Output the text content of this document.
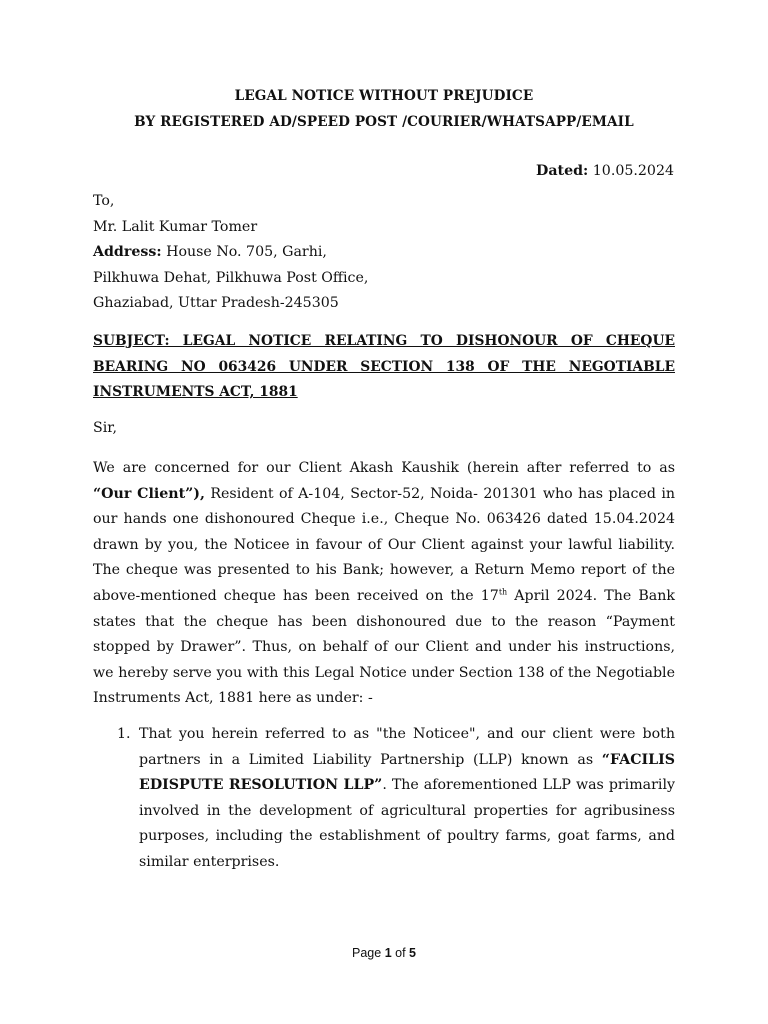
LEGAL NOTICE WITHOUT PREJUDICE
BY REGISTERED AD/SPEED POST /COURIER/WHATSAPP/EMAIL
Dated: 10.05.2024
To,
Mr. Lalit Kumar Tomer
Address: House No. 705, Garhi,
Pilkhuwa Dehat, Pilkhuwa Post Office,
Ghaziabad, Uttar Pradesh-245305
SUBJECT: LEGAL NOTICE RELATING TO DISHONOUR OF CHEQUE BEARING NO 063426 UNDER SECTION 138 OF THE NEGOTIABLE INSTRUMENTS ACT, 1881
Sir,
We are concerned for our Client Akash Kaushik (herein after referred to as “Our Client”), Resident of A-104, Sector-52, Noida- 201301 who has placed in our hands one dishonoured Cheque i.e., Cheque No. 063426 dated 15.04.2024 drawn by you, the Noticee in favour of Our Client against your lawful liability. The cheque was presented to his Bank; however, a Return Memo report of the above-mentioned cheque has been received on the 17th April 2024. The Bank states that the cheque has been dishonoured due to the reason “Payment stopped by Drawer”. Thus, on behalf of our Client and under his instructions, we hereby serve you with this Legal Notice under Section 138 of the Negotiable Instruments Act, 1881 here as under: -
1. That you herein referred to as "the Noticee", and our client were both partners in a Limited Liability Partnership (LLP) known as “FACILIS EDISPUTE RESOLUTION LLP”. The aforementioned LLP was primarily involved in the development of agricultural properties for agribusiness purposes, including the establishment of poultry farms, goat farms, and similar enterprises.
Page 1 of 5
